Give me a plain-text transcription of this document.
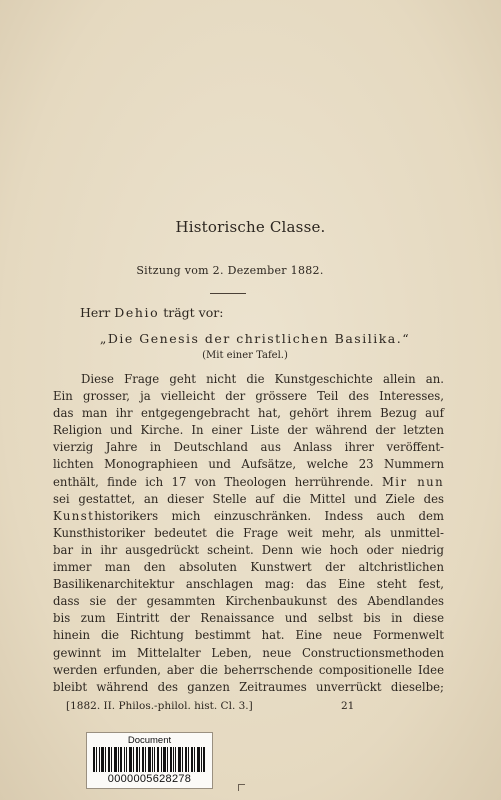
Historische Classe.
Sitzung vom 2. Dezember 1882.
Herr Dehio trägt vor:
„Die Genesis der christlichen Basilika.“
(Mit einer Tafel.)
Diese Frage geht nicht die Kunstgeschichte allein an.
Ein grosser, ja vielleicht der grössere Teil des Interesses,
das man ihr entgegengebracht hat, gehört ihrem Bezug auf
Religion und Kirche. In einer Liste der während der letzten
vierzig Jahre in Deutschland aus Anlass ihrer veröffent-
lichten Monographieen und Aufsätze, welche 23 Nummern
enthält, finde ich 17 von Theologen herrührende. Mir nun
sei gestattet, an dieser Stelle auf die Mittel und Ziele des
Kunsthistorikers mich einzuschränken. Indess auch dem
Kunsthistoriker bedeutet die Frage weit mehr, als unmittel-
bar in ihr ausgedrückt scheint. Denn wie hoch oder niedrig
immer man den absoluten Kunstwert der altchristlichen
Basilikenarchitektur anschlagen mag: das Eine steht fest,
dass sie der gesammten Kirchenbaukunst des Abendlandes
bis zum Eintritt der Renaissance und selbst bis in diese
hinein die Richtung bestimmt hat. Eine neue Formenwelt
gewinnt im Mittelalter Leben, neue Constructionsmethoden
werden erfunden, aber die beherrschende compositionelle Idee
bleibt während des ganzen Zeitraumes unverrückt dieselbe;
[1882. II. Philos.-philol. hist. Cl. 3.]	21
Document
0000005628278
